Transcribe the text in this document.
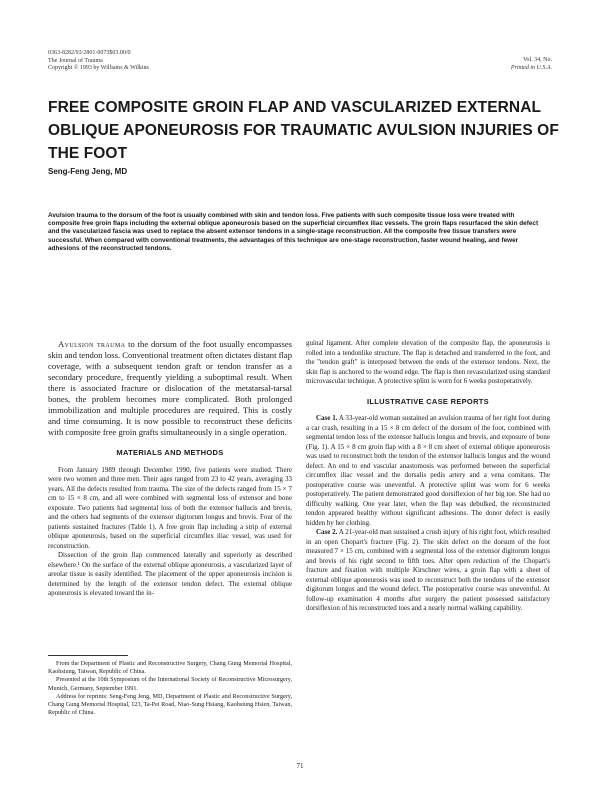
0363-8282/93/2801-0073$03.00/0
The Journal of Trauma
Copyright © 1993 by Williams & Wilkins
Vol. 34, No.
Printed in U.S.A.
FREE COMPOSITE GROIN FLAP AND VASCULARIZED EXTERNAL
OBLIQUE APONEUROSIS FOR TRAUMATIC AVULSION INJURIES OF
THE FOOT
Seng-Feng Jeng, MD

Avulsion trauma to the dorsum of the foot is usually combined with skin and tendon loss. Five patients with such composite tissue loss were treated with composite free groin flaps including the external oblique aponeurosis based on the superficial circumflex iliac vessels. The groin flaps resurfaced the skin defect and the vascularized fascia was used to replace the absent extensor tendons in a single-stage reconstruction. All the composite free tissue transfers were successful. When compared with conventional treatments, the advantages of this technique are one-stage reconstruction, faster wound healing, and fewer adhesions of the reconstructed tendons.

Avulsion trauma to the dorsum of the foot usually encompasses skin and tendon loss. Conventional treatment often dictates distant flap coverage, with a subsequent tendon graft or tendon transfer as a secondary procedure, frequently yielding a suboptimal result. When there is associated fracture or dislocation of the metatarsal-tarsal bones, the problem becomes more complicated. Both prolonged immobilization and multiple procedures are required. This is costly and time consuming. It is now possible to reconstruct these deficits with composite free groin grafts simultaneously in a single operation.

MATERIALS AND METHODS

From January 1989 through December 1990, five patients were studied. There were two women and three men. Their ages ranged from 23 to 42 years, averaging 33 years. All the defects resulted from trauma. The size of the defects ranged from 15 × 7 cm to 15 × 8 cm, and all were combined with segmental loss of extensor and bone exposure. Two patients had segmental loss of both the extensor hallucis and brevis, and the others had segments of the extensor digitorum longus and brevis. Four of the patients sustained fractures (Table 1). A free groin flap including a strip of external oblique aponeurosis, based on the superficial circumflex iliac vessel, was used for reconstruction.

Dissection of the groin flap commenced laterally and superiorly as described elsewhere.¹ On the surface of the external oblique aponeurosis, a vascularized layer of areolar tissue is easily identified. The placement of the upper aponeurosis incision is determined by the length of the extensor tendon defect. The external oblique aponeurosis is elevated toward the in-

From the Department of Plastic and Reconstructive Surgery, Chang Gung Memorial Hospital, Kaohsiung, Taiwan, Republic of China.

Presented at the 10th Symposium of the International Society of Reconstructive Microsurgery, Munich, Germany, September 1991.

Address for reprints: Seng-Feng Jeng, MD, Department of Plastic and Reconstructive Surgery, Chang Gung Memorial Hospital, 123, Ta-Pei Road, Niao-Sung Hsiang, Kaohsiung Hsien, Taiwan, Republic of China.

guinal ligament. After complete elevation of the composite flap, the aponeurosis is rolled into a tendonlike structure. The flap is detached and transferred to the foot, and the "tendon graft" is interposed between the ends of the extensor tendons. Next, the skin flap is anchored to the wound edge. The flap is then revascularized using standard microvascular technique. A protective splint is worn for 6 weeks postoperatively.

ILLUSTRATIVE CASE REPORTS

Case 1. A 33-year-old woman sustained an avulsion trauma of her right foot during a car crash, resulting in a 15 × 8 cm defect of the dorsum of the foot, combined with segmental tendon loss of the extensor hallucis longus and brevis, and exposure of bone (Fig. 1). A 15 × 8 cm groin flap with a 8 × 8 cm sheet of external oblique aponeurosis was used to reconstruct both the tendon of the extensor hallucis longus and the wound defect. An end to end vascular anastomosis was performed between the superficial circumflex iliac vessel and the dorsalis pedis artery and a vena comitans. The postoperative course was uneventful. A protective splint was worn for 6 weeks postoperatively. The patient demonstrated good dorsiflexion of her big toe. She had no difficulty walking. One year later, when the flap was debulked, the reconstructed tendon appeared healthy without significant adhesions. The donor defect is easily hidden by her clothing.

Case 2. A 21-year-old man sustained a crush injury of his right foot, which resulted in an open Chopart's fracture (Fig. 2). The skin defect on the dorsum of the foot measured 7 × 15 cm, combined with a segmental loss of the extensor digitorum longus and brevis of his right second to fifth toes. After open reduction of the Chopart's fracture and fixation with multiple Kirschner wires, a groin flap with a sheet of external oblique aponeurosis was used to reconstruct both the tendons of the extensor digitorum longus and the wound defect. The postoperative course was uneventful. At follow-up examination 4 months after surgery the patient possessed satisfactory dorsiflexion of his reconstructed toes and a nearly normal walking capability.

71
